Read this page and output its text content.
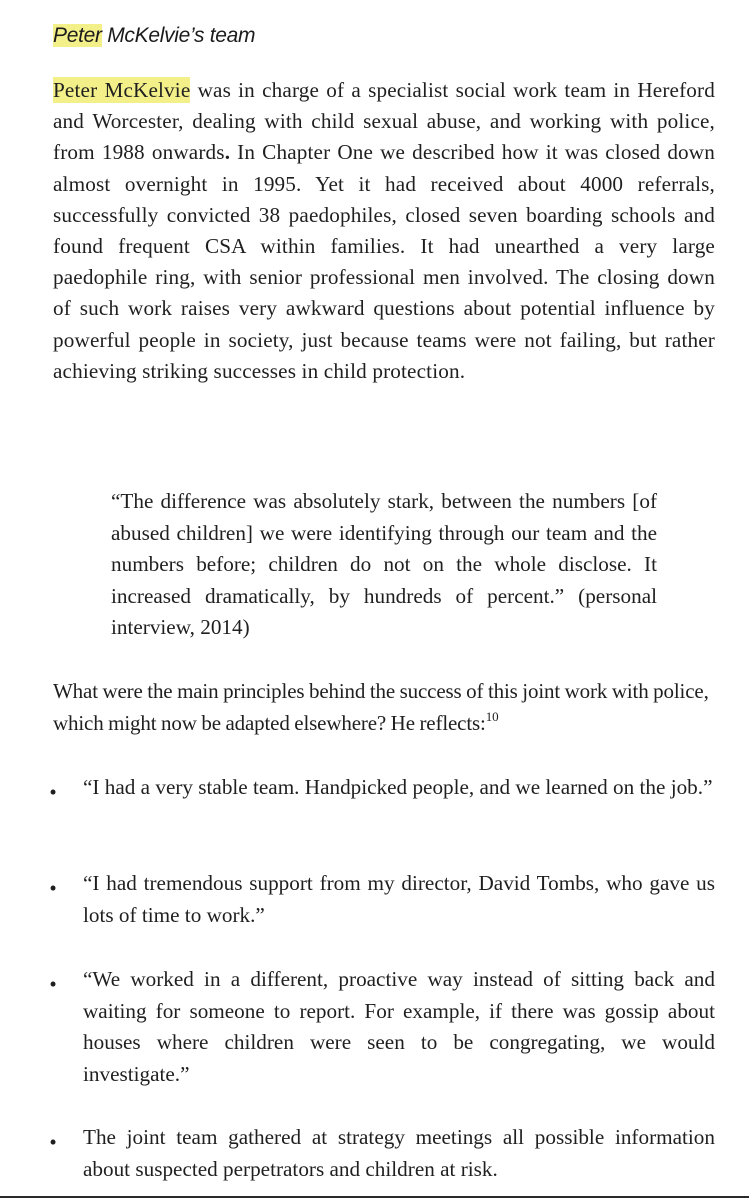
Peter McKelvie’s team
Peter McKelvie was in charge of a specialist social work team in Hereford and Worcester, dealing with child sexual abuse, and working with police, from 1988 onwards. In Chapter One we described how it was closed down almost overnight in 1995. Yet it had received about 4000 referrals, successfully convicted 38 paedophiles, closed seven boarding schools and found frequent CSA within families. It had unearthed a very large paedophile ring, with senior professional men involved. The closing down of such work raises very awkward questions about potential influence by powerful people in society, just because teams were not failing, but rather achieving striking successes in child protection.
“The difference was absolutely stark, between the numbers [of abused children] we were identifying through our team and the numbers before; children do not on the whole disclose. It increased dramatically, by hundreds of percent.” (personal interview, 2014)
What were the main principles behind the success of this joint work with police, which might now be adapted elsewhere? He reflects:$^{10}$
• “I had a very stable team. Handpicked people, and we learned on the job.”
• “I had tremendous support from my director, David Tombs, who gave us lots of time to work.”
• “We worked in a different, proactive way instead of sitting back and waiting for someone to report. For example, if there was gossip about houses where children were seen to be congregating, we would investigate.”
• The joint team gathered at strategy meetings all possible information about suspected perpetrators and children at risk.
